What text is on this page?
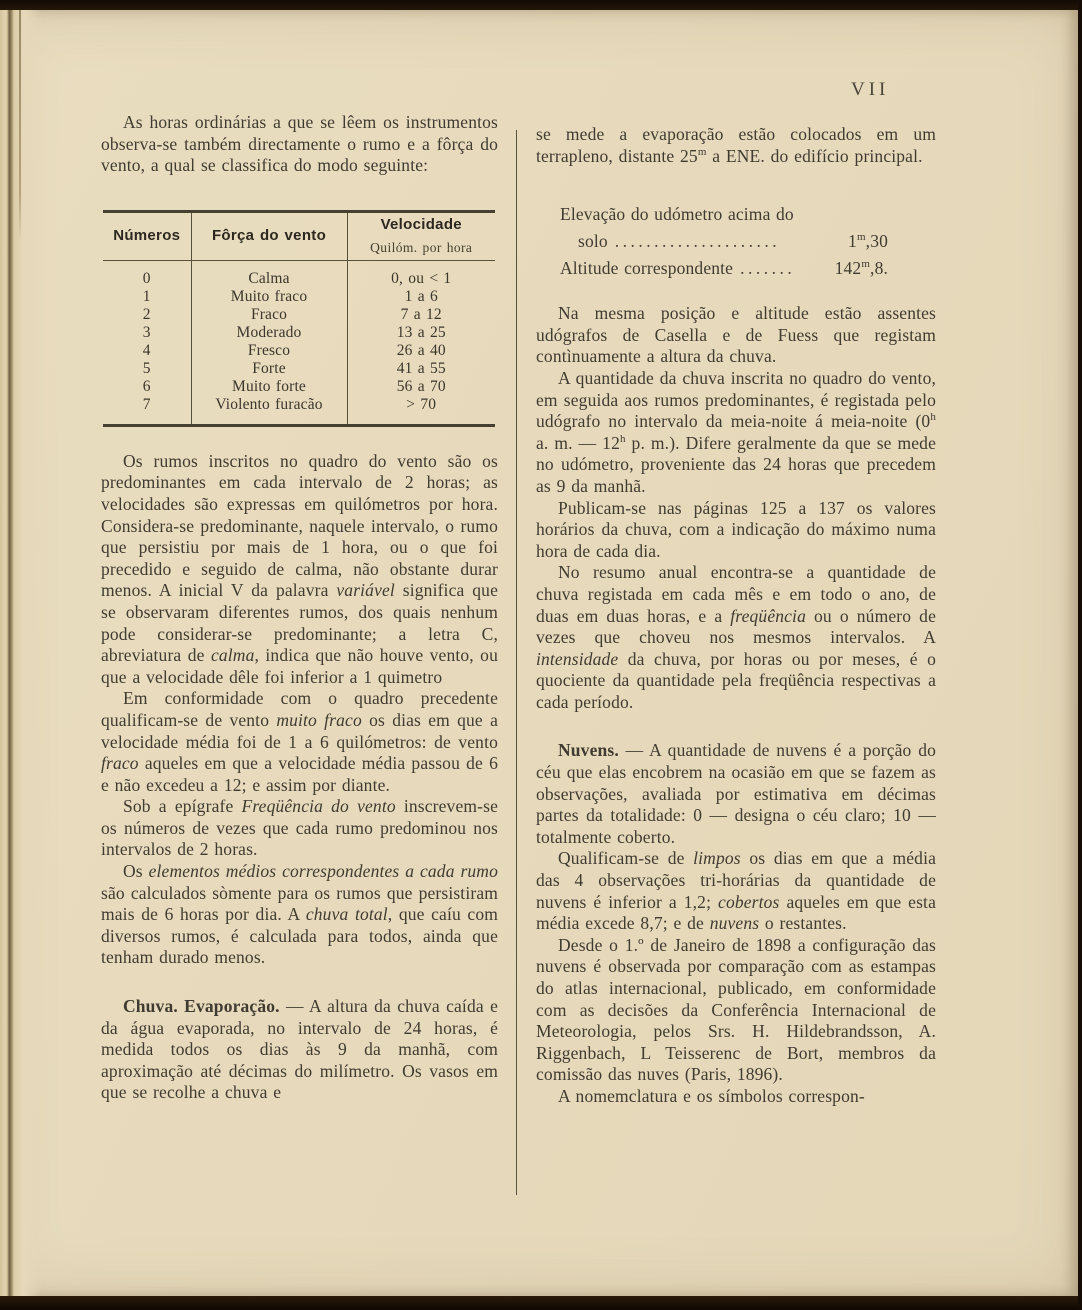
VII

As horas ordinárias a que se lêem os instrumentos observa-se também directamente o rumo e a fôrça do vento, a qual se classifica do modo seguinte:

Números	Fôrça do vento	Velocidade
Quilóm. por hora

0	Calma	0, ou < 1
1	Muito fraco	1 a 6
2	Fraco	7 a 12
3	Moderado	13 a 25
4	Fresco	26 a 40
5	Forte	41 a 55
6	Muito forte	56 a 70
7	Violento furacão	> 70

Os rumos inscritos no quadro do vento são os predominantes em cada intervalo de 2 horas; as velocidades são expressas em quilómetros por hora. Considera-se predominante, naquele intervalo, o rumo que persistiu por mais de 1 hora, ou o que foi precedido e seguido de calma, não obstante durar menos. A inicial V da palavra variável significa que se observaram diferentes rumos, dos quais nenhum pode considerar-se predominante; a letra C, abreviatura de calma, indica que não houve vento, ou que a velocidade dêle foi inferior a 1 quimetro

Em conformidade com o quadro precedente qualificam-se de vento muito fraco os dias em que a velocidade média foi de 1 a 6 quilómetros: de vento fraco aqueles em que a velocidade média passou de 6 e não excedeu a 12; e assim por diante.

Sob a epígrafe Freqüência do vento inscrevem-se os números de vezes que cada rumo predominou nos intervalos de 2 horas.

Os elementos médios correspondentes a cada rumo são calculados sòmente para os rumos que persistiram mais de 6 horas por dia. A chuva total, que caíu com diversos rumos, é calculada para todos, ainda que tenham durado menos.

Chuva. Evaporação. — A altura da chuva caída e da água evaporada, no intervalo de 24 horas, é medida todos os dias às 9 da manhã, com aproximação até décimas do milímetro. Os vasos em que se recolhe a chuva e

se mede a evaporação estão colocados em um terrapleno, distante 25$^m$ a ENE. do edifício principal.

Elevação do udómetro acima do
solo .....................	1$^m$,30
Altitude correspondente ....... 142$^m$,8.

Na mesma posição e altitude estão assentes udógrafos de Casella e de Fuess que registam contìnuamente a altura da chuva.

A quantidade da chuva inscrita no quadro do vento, em seguida aos rumos predominantes, é registada pelo udógrafo no intervalo da meia-noite á meia-noite (0$^h$ a. m. — 12$^h$ p. m.). Difere geralmente da que se mede no udómetro, proveniente das 24 horas que precedem as 9 da manhã.

Publicam-se nas páginas 125 a 137 os valores horários da chuva, com a indicação do máximo numa hora de cada dia.

No resumo anual encontra-se a quantidade de chuva registada em cada mês e em todo o ano, de duas em duas horas, e a freqüência ou o número de vezes que choveu nos mesmos intervalos. A intensidade da chuva, por horas ou por meses, é o quociente da quantidade pela freqüência respectivas a cada período.

Nuvens. — A quantidade de nuvens é a porção do céu que elas encobrem na ocasião em que se fazem as observações, avaliada por estimativa em décimas partes da totalidade: 0 — designa o céu claro; 10 — totalmente coberto.

Qualificam-se de limpos os dias em que a média das 4 observações tri-horárias da quantidade de nuvens é inferior a 1,2; cobertos aqueles em que esta média excede 8,7; e de nuvens o restantes.

Desde o 1.º de Janeiro de 1898 a configuração das nuvens é observada por comparação com as estampas do atlas internacional, publicado, em conformidade com as decisões da Conferência Internacional de Meteorologia, pelos Srs. H. Hildebrandsson, A. Riggenbach, L Teisserenc de Bort, membros da comissão das nuves (Paris, 1896).

A nomemclatura e os símbolos correspon-
